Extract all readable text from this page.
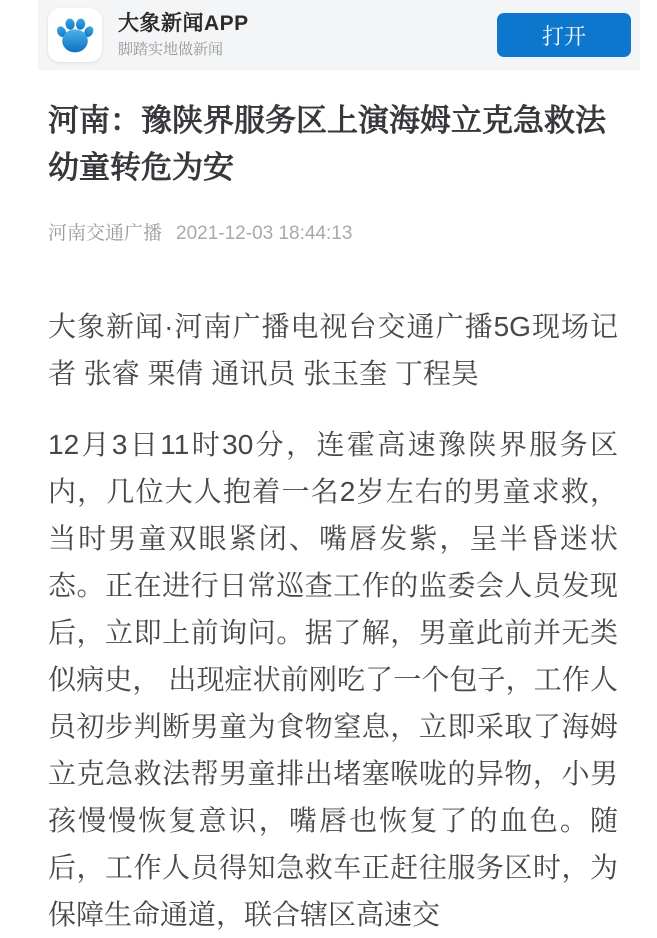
大象新闻APP
脚踏实地做新闻
打开
河南：豫陕界服务区上演海姆立克急救法 幼童转危为安
河南交通广播 2021-12-03 18:44:13

大象新闻·河南广播电视台交通广播5G现场记者 张睿 栗倩 通讯员 张玉奎 丁程昊

12月3日11时30分，连霍高速豫陕界服务区内，几位大人抱着一名2岁左右的男童求救，当时男童双眼紧闭、嘴唇发紫，呈半昏迷状态。正在进行日常巡查工作的监委会人员发现后，立即上前询问。据了解，男童此前并无类似病史， 出现症状前刚吃了一个包子，工作人员初步判断男童为食物窒息，立即采取了海姆立克急救法帮男童排出堵塞喉咙的异物，小男孩慢慢恢复意识，嘴唇也恢复了的血色。随后，工作人员得知急救车正赶往服务区时，为保障生命通道，联合辖区高速交
